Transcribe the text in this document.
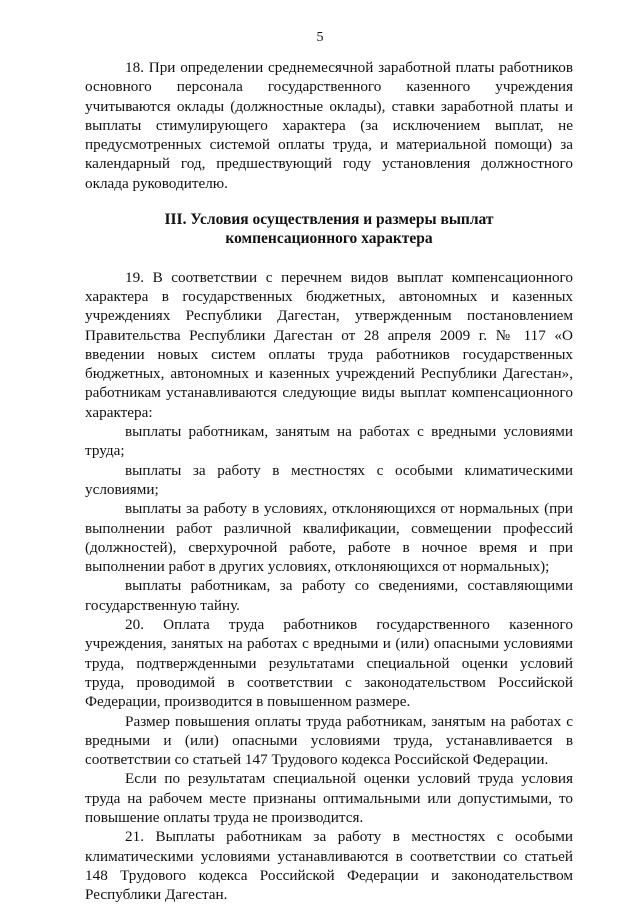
5

18. При определении среднемесячной заработной платы работников основного персонала государственного казенного учреждения учитываются оклады (должностные оклады), ставки заработной платы и выплаты стимулирующего характера (за исключением выплат, не предусмотренных системой оплаты труда, и материальной помощи) за календарный год, предшествующий году установления должностного оклада руководителю.

III. Условия осуществления и размеры выплат
компенсационного характера

19. В соответствии с перечнем видов выплат компенсационного характера в государственных бюджетных, автономных и казенных учреждениях Республики Дагестан, утвержденным постановлением Правительства Республики Дагестан от 28 апреля 2009 г. № 117 «О введении новых систем оплаты труда работников государственных бюджетных, автономных и казенных учреждений Республики Дагестан», работникам устанавливаются следующие виды выплат компенсационного характера:

выплаты работникам, занятым на работах с вредными условиями труда;

выплаты за работу в местностях с особыми климатическими условиями;

выплаты за работу в условиях, отклоняющихся от нормальных (при выполнении работ различной квалификации, совмещении профессий (должностей), сверхурочной работе, работе в ночное время и при выполнении работ в других условиях, отклоняющихся от нормальных);

выплаты работникам, за работу со сведениями, составляющими государственную тайну.

20. Оплата труда работников государственного казенного учреждения, занятых на работах с вредными и (или) опасными условиями труда, подтвержденными результатами специальной оценки условий труда, проводимой в соответствии с законодательством Российской Федерации, производится в повышенном размере.

Размер повышения оплаты труда работникам, занятым на работах с вредными и (или) опасными условиями труда, устанавливается в соответствии со статьей 147 Трудового кодекса Российской Федерации.

Если по результатам специальной оценки условий труда условия труда на рабочем месте признаны оптимальными или допустимыми, то повышение оплаты труда не производится.

21. Выплаты работникам за работу в местностях с особыми климатическими условиями устанавливаются в соответствии со статьей 148 Трудового кодекса Российской Федерации и законодательством Республики Дагестан.
